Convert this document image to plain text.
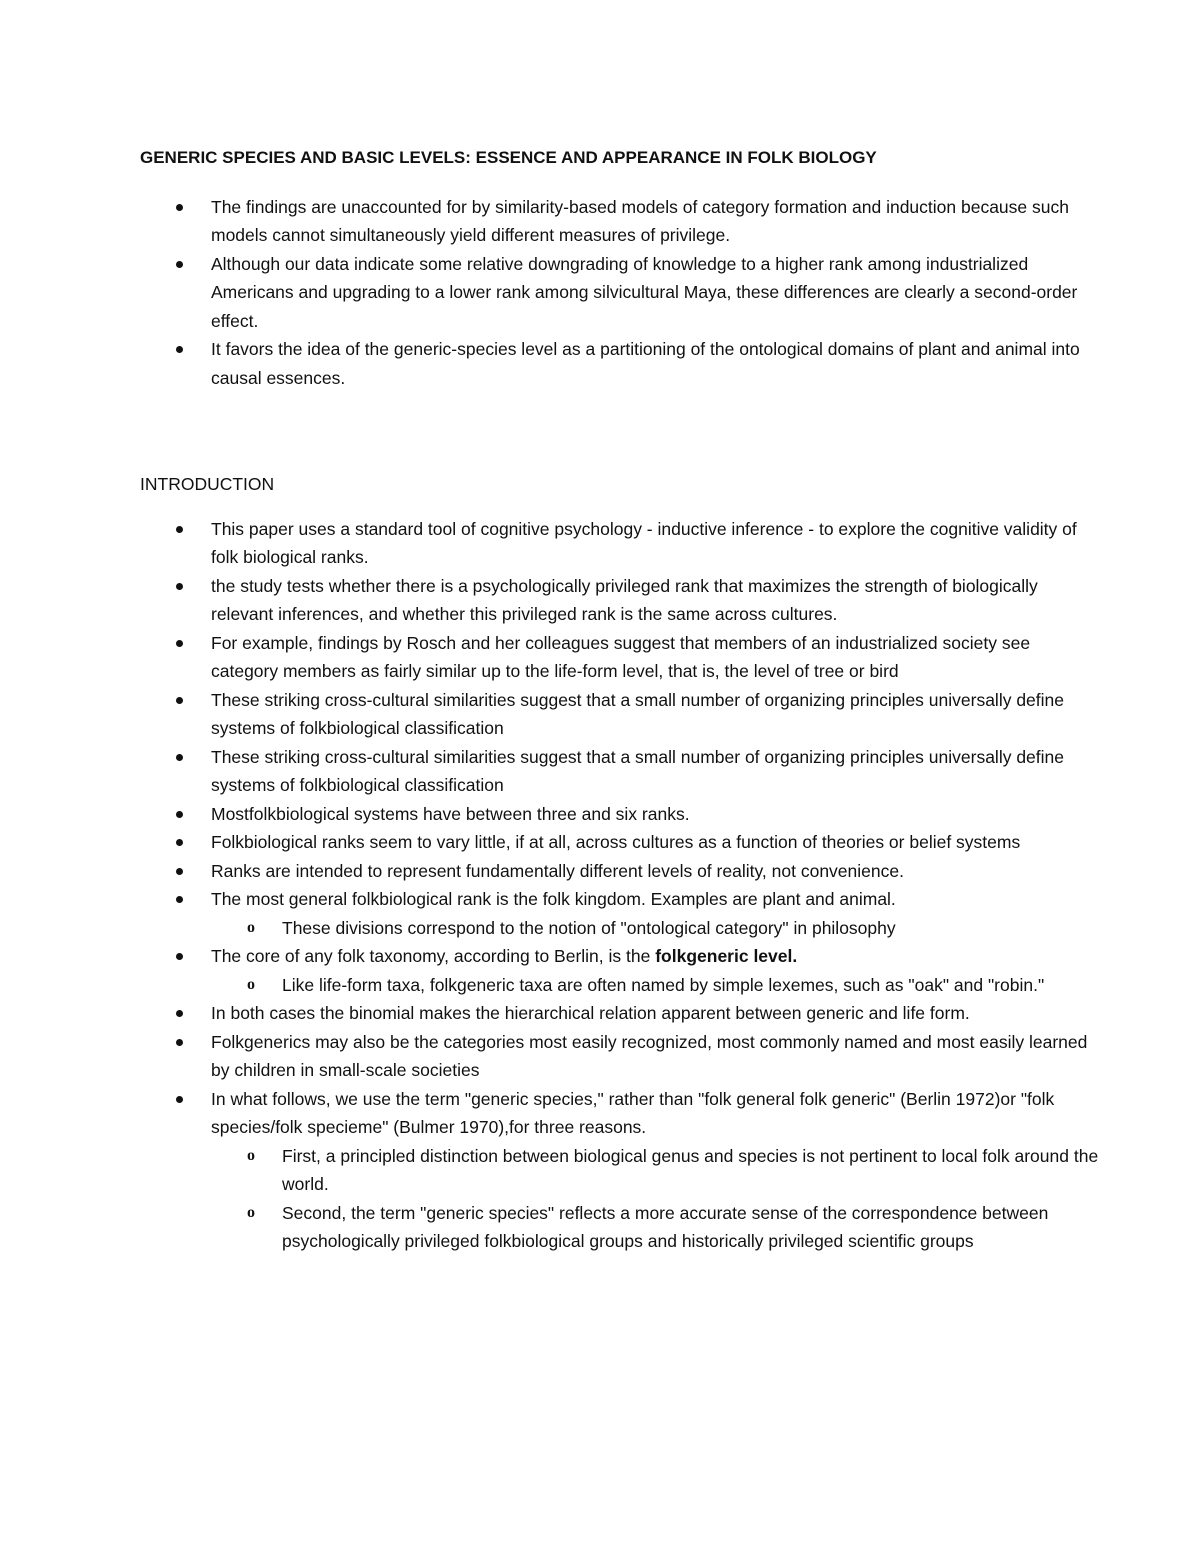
GENERIC SPECIES AND BASIC LEVELS: ESSENCE AND APPEARANCE IN FOLK BIOLOGY
The findings are unaccounted for by similarity-based models of category formation and induction because such models cannot simultaneously yield different measures of privilege.
Although our data indicate some relative downgrading of knowledge to a higher rank among industrialized Americans and upgrading to a lower rank among silvicultural Maya, these differences are clearly a second-order effect.
It favors the idea of the generic-species level as a partitioning of the ontological domains of plant and animal into causal essences.
INTRODUCTION
This paper uses a standard tool of cognitive psychology - inductive inference - to explore the cognitive validity of folk biological ranks.
the study tests whether there is a psychologically privileged rank that maximizes the strength of biologically relevant inferences, and whether this privileged rank is the same across cultures.
For example, findings by Rosch and her colleagues suggest that members of an industrialized society see category members as fairly similar up to the life-form level, that is, the level of tree or bird
These striking cross-cultural similarities suggest that a small number of organizing principles universally define systems of folkbiological classification
These striking cross-cultural similarities suggest that a small number of organizing principles universally define systems of folkbiological classification
Mostfolkbiological systems have between three and six ranks.
Folkbiological ranks seem to vary little, if at all, across cultures as a function of theories or belief systems
Ranks are intended to represent fundamentally different levels of reality, not convenience.
The most general folkbiological rank is the folk kingdom. Examples are plant and animal.
o These divisions correspond to the notion of "ontological category" in philosophy
The core of any folk taxonomy, according to Berlin, is the folkgeneric level.
o Like life-form taxa, folkgeneric taxa are often named by simple lexemes, such as "oak" and "robin."
In both cases the binomial makes the hierarchical relation apparent between generic and life form.
Folkgenerics may also be the categories most easily recognized, most commonly named and most easily learned by children in small-scale societies
In what follows, we use the term "generic species," rather than "folk general folk generic" (Berlin 1972)or "folk species/folk specieme" (Bulmer 1970),for three reasons.
o First, a principled distinction between biological genus and species is not pertinent to local folk around the world.
o Second, the term "generic species" reflects a more accurate sense of the correspondence between psychologically privileged folkbiological groups and historically privileged scientific groups
